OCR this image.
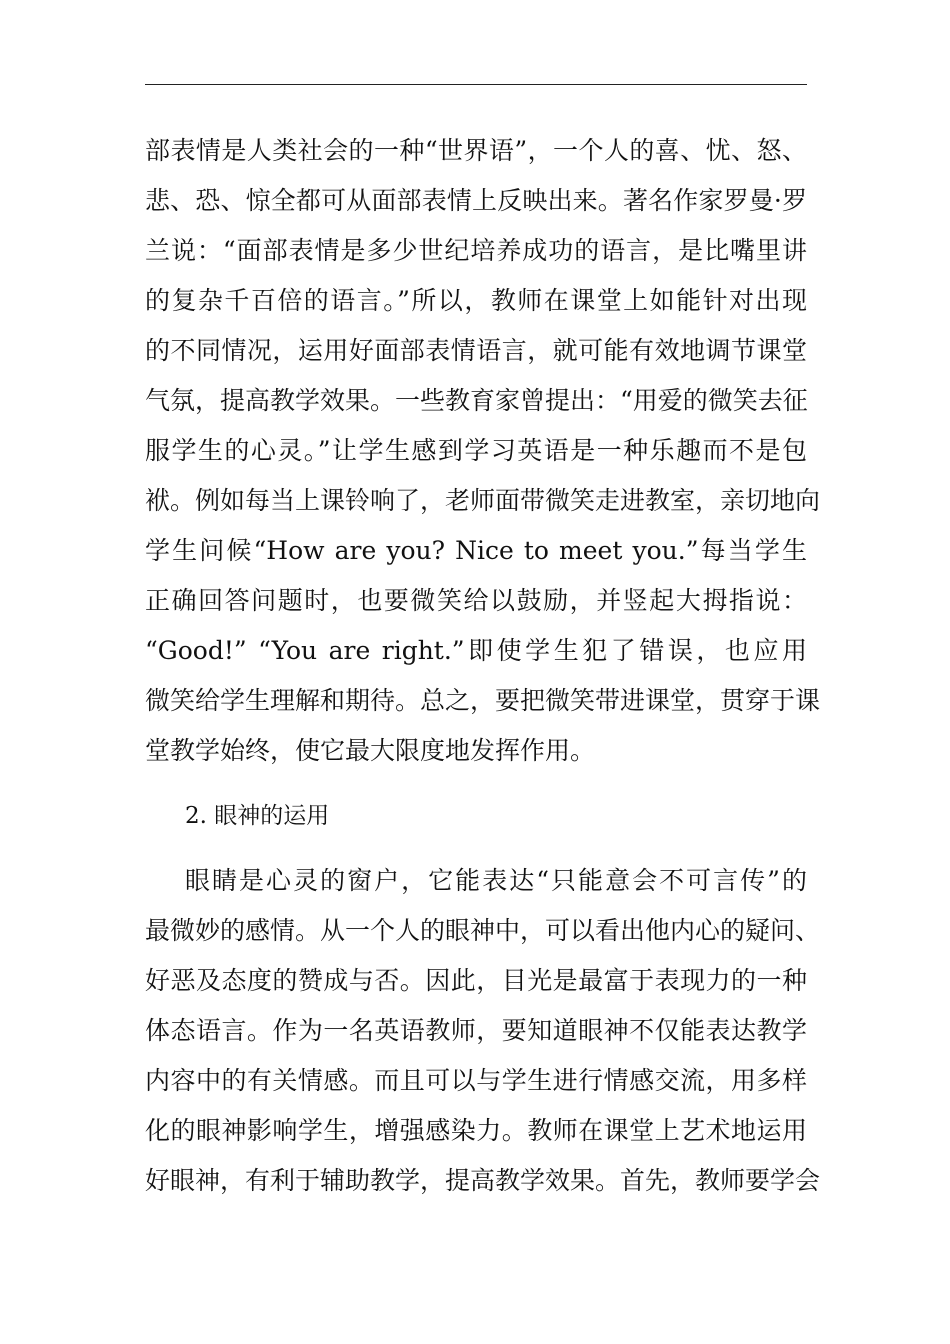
部表情是人类社会的一种“世界语”，一个人的喜、忧、怒、
悲、恐、惊全都可从面部表情上反映出来。著名作家罗曼·罗
兰说：“面部表情是多少世纪培养成功的语言，是比嘴里讲
的复杂千百倍的语言。”所以，教师在课堂上如能针对出现
的不同情况，运用好面部表情语言，就可能有效地调节课堂
气氛，提高教学效果。一些教育家曾提出：“用爱的微笑去征
服学生的心灵。”让学生感到学习英语是一种乐趣而不是包
袱。例如每当上课铃响了，老师面带微笑走进教室，亲切地向
学生问候“How are you? Nice to meet you.”每当学生
正确回答问题时，也要微笑给以鼓励，并竖起大拇指说：
“Good!” “You are right.”即使学生犯了错误，也应用
微笑给学生理解和期待。总之，要把微笑带进课堂，贯穿于课
堂教学始终，使它最大限度地发挥作用。
2. 眼神的运用
眼睛是心灵的窗户，它能表达“只能意会不可言传”的
最微妙的感情。从一个人的眼神中，可以看出他内心的疑问、
好恶及态度的赞成与否。因此，目光是最富于表现力的一种
体态语言。作为一名英语教师，要知道眼神不仅能表达教学
内容中的有关情感。而且可以与学生进行情感交流，用多样
化的眼神影响学生，增强感染力。教师在课堂上艺术地运用
好眼神，有利于辅助教学，提高教学效果。首先，教师要学会
